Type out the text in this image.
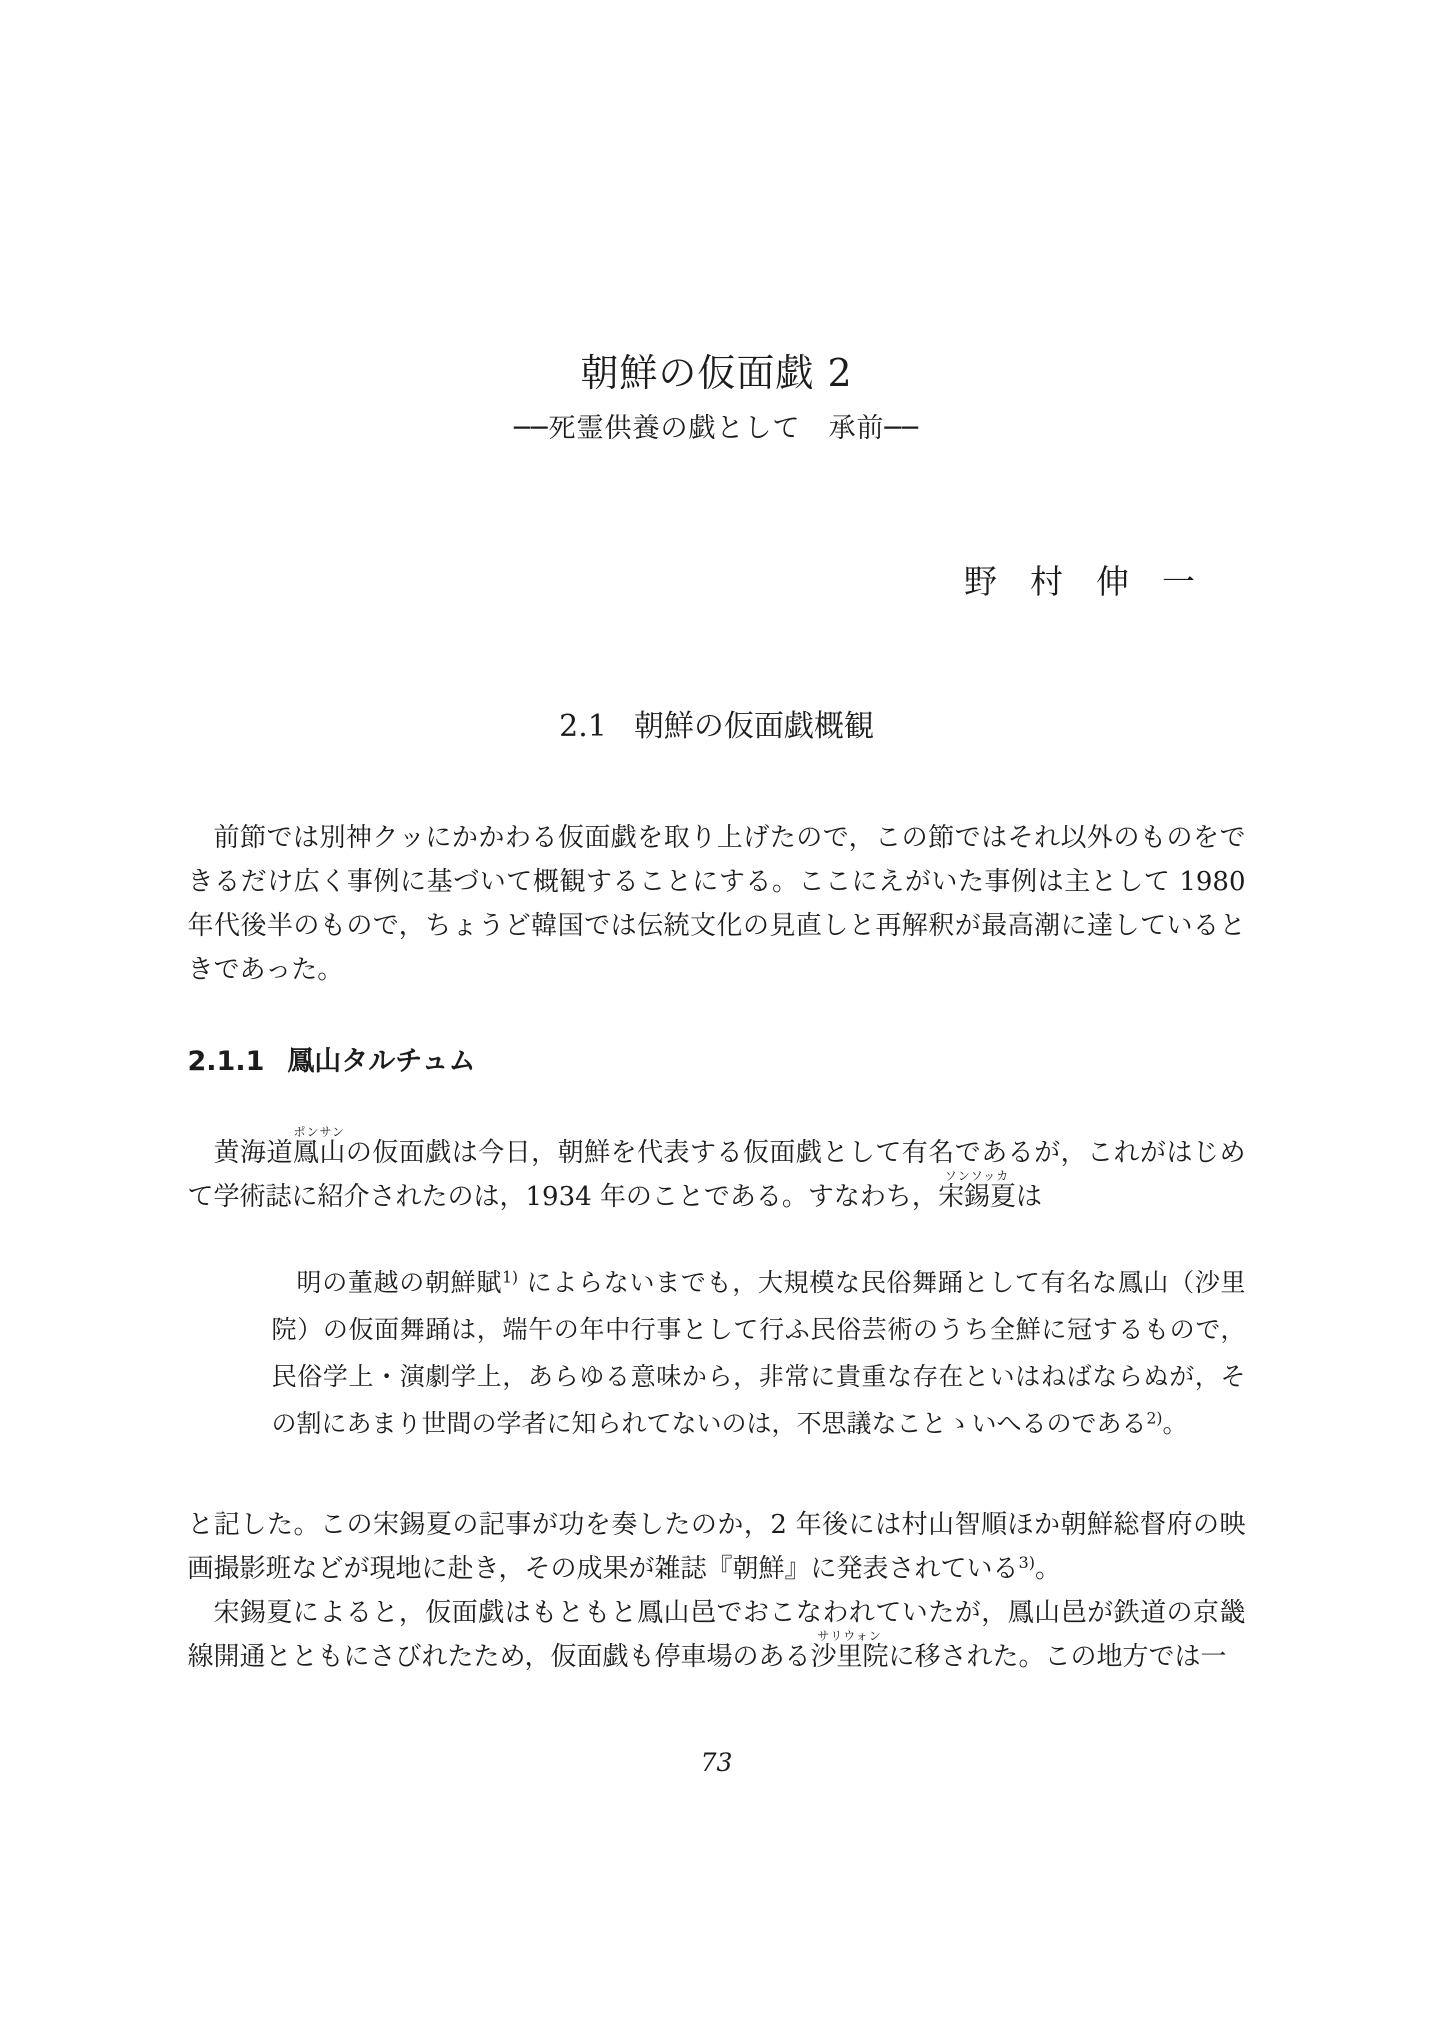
朝鮮の仮面戯 2
──死霊供養の戯として　承前──
野　村　伸　一
2.1 朝鮮の仮面戯概観

前節では別神クッにかかわる仮面戯を取り上げたので，この節ではそれ以外のものをできるだけ広く事例に基づいて概観することにする。ここにえがいた事例は主として 1980 年代後半のもので，ちょうど韓国では伝統文化の見直しと再解釈が最高潮に達しているときであった。

2.1.1 鳳山タルチュム

黄海道鳳山ポンサンの仮面戯は今日，朝鮮を代表する仮面戯として有名であるが，これがはじめて学術誌に紹介されたのは，1934 年のことである。すなわち，宋錫夏ソンソッカは

明の董越の朝鮮賦$^{1)}$ によらないまでも，大規模な民俗舞踊として有名な鳳山（沙里院）の仮面舞踊は，端午の年中行事として行ふ民俗芸術のうち全鮮に冠するもので，民俗学上・演劇学上，あらゆる意味から，非常に貴重な存在といはねばならぬが，その割にあまり世間の学者に知られてないのは，不思議なことゝいへるのである$^{2)}$。

と記した。この宋錫夏の記事が功を奏したのか，2 年後には村山智順ほか朝鮮総督府の映画撮影班などが現地に赴き，その成果が雑誌『朝鮮』に発表されている$^{3)}$。

宋錫夏によると，仮面戯はもともと鳳山邑でおこなわれていたが，鳳山邑が鉄道の京畿線開通とともにさびれたため，仮面戯も停車場のある沙里院サリウォンに移された。この地方では一

73
